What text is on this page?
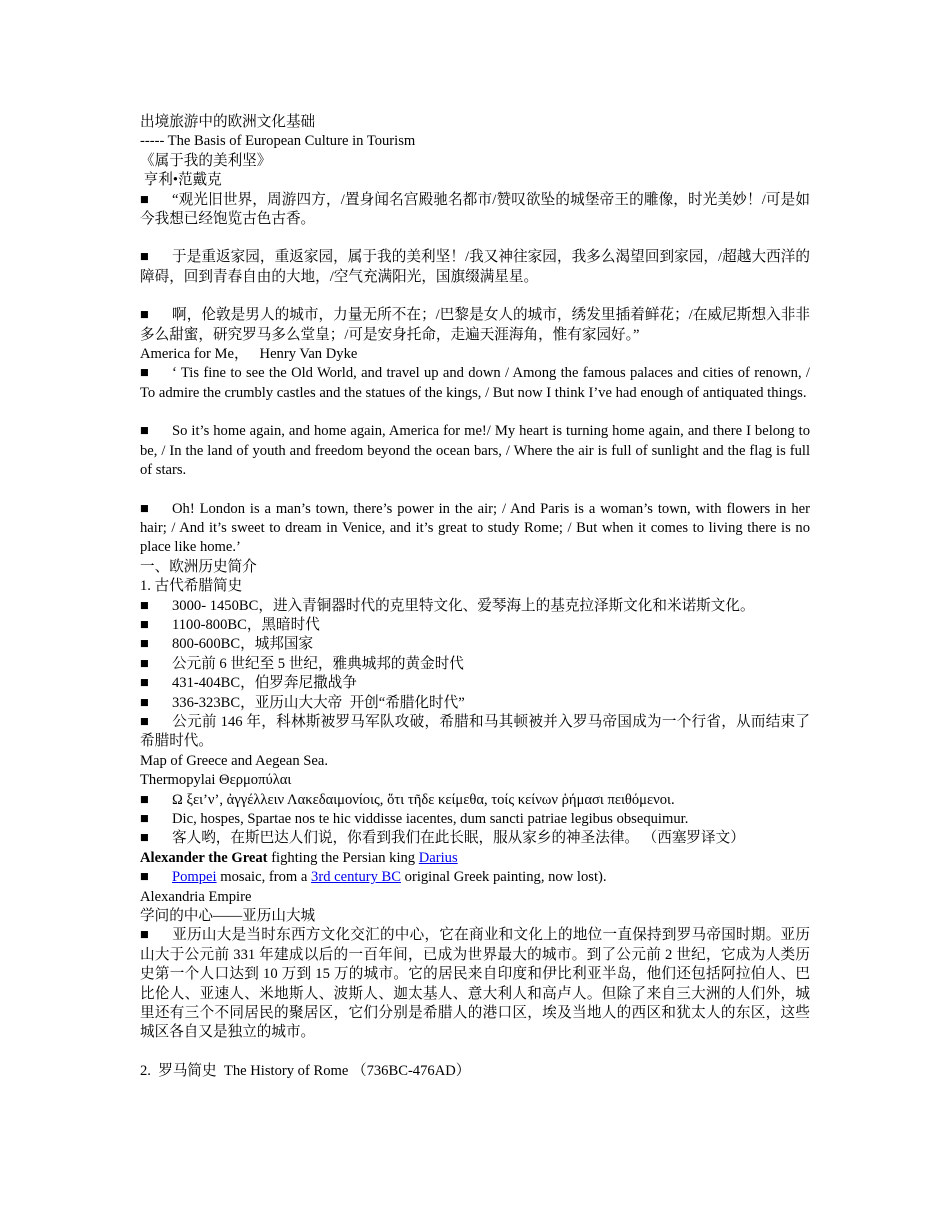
出境旅游中的欧洲文化基础

----- The Basis of European Culture in Tourism

《属于我的美利坚》

亨利•范戴克

■ “观光旧世界，周游四方，/置身闻名宫殿驰名都市/赞叹欲坠的城堡帝王的雕像，时光美妙！/可是如今我想已经饱览古色古香。

■ 于是重返家园，重返家园，属于我的美利坚！/我又神往家园，我多么渴望回到家园，/超越大西洋的障碍，回到青春自由的大地，/空气充满阳光，国旗缀满星星。

■ 啊，伦敦是男人的城市，力量无所不在；/巴黎是女人的城市，绣发里插着鲜花；/在威尼斯想入非非多么甜蜜，研究罗马多么堂皇；/可是安身托命，走遍天涯海角，惟有家园好。”

America for Me，   Henry Van Dyke

■ ‘ Tis fine to see the Old World, and travel up and down / Among the famous palaces and cities of renown, / To admire the crumbly castles and the statues of the kings, / But now I think I’ve had enough of antiquated things.

■ So it’s home again, and home again, America for me!/ My heart is turning home again, and there I belong to be, / In the land of youth and freedom beyond the ocean bars, / Where the air is full of sunlight and the flag is full of stars.

■ Oh! London is a man’s town, there’s power in the air; / And Paris is a woman’s town, with flowers in her hair; / And it’s sweet to dream in Venice, and it’s great to study Rome; / But when it comes to living there is no place like home.’

一、欧洲历史简介

1. 古代希腊简史

■ 3000- 1450BC，进入青铜器时代的克里特文化、爱琴海上的基克拉泽斯文化和米诺斯文化。

■ 1100-800BC，黑暗时代

■ 800-600BC，城邦国家

■ 公元前 6 世纪至 5 世纪，雅典城邦的黄金时代

■ 431-404BC，伯罗奔尼撒战争

■ 336-323BC，亚历山大大帝  开创“希腊化时代”

■ 公元前 146 年，科林斯被罗马军队攻破，希腊和马其顿被并入罗马帝国成为一个行省，从而结束了希腊时代。

Map of Greece and Aegean Sea.

Thermopylai Θερμοπύλαι

■ Ω ξει’ν’, ἀγγέλλειν Λακεδαιμονίοις, ὅτι τῆδε κείμεθα, τοίς κείνων ῥήμασι πειθόμενοι.

■ Dic, hospes, Spartae nos te hic viddisse iacentes, dum sancti patriae legibus obsequimur.

■ 客人哟，在斯巴达人们说，你看到我们在此长眠，服从家乡的神圣法律。 （西塞罗译文）

Alexander the Great fighting the Persian king Darius

■ Pompei mosaic, from a 3rd century BC original Greek painting, now lost).

Alexandria Empire

学问的中心——亚历山大城

■ 亚历山大是当时东西方文化交汇的中心，它在商业和文化上的地位一直保持到罗马帝国时期。亚历山大于公元前 331 年建成以后的一百年间，已成为世界最大的城市。到了公元前 2 世纪，它成为人类历史第一个人口达到 10 万到 15 万的城市。它的居民来自印度和伊比利亚半岛，他们还包括阿拉伯人、巴比伦人、亚速人、米地斯人、波斯人、迦太基人、意大利人和高卢人。但除了来自三大洲的人们外，城里还有三个不同居民的聚居区，它们分别是希腊人的港口区，埃及当地人的西区和犹太人的东区，这些城区各自又是独立的城市。

2.  罗马简史  The History of Rome （736BC-476AD）
